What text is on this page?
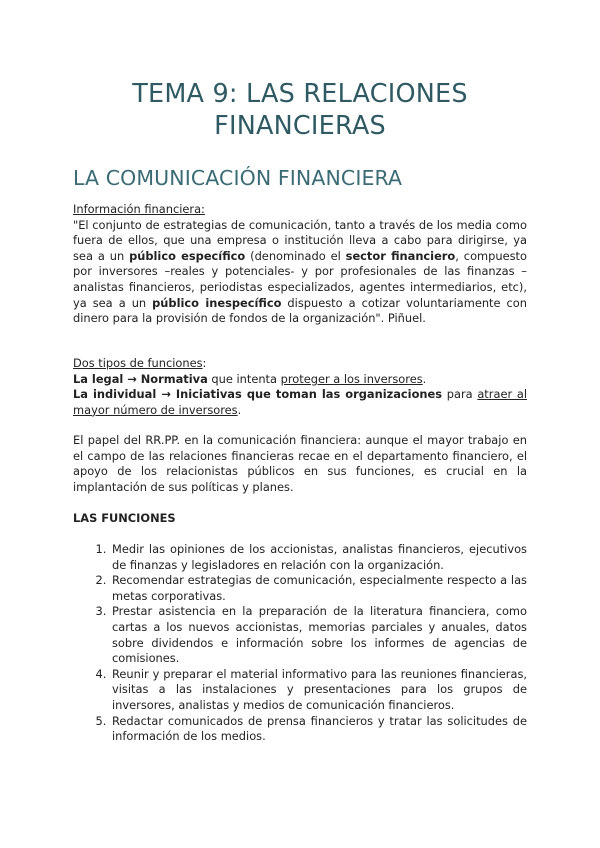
TEMA 9: LAS RELACIONES
FINANCIERAS
LA COMUNICACIÓN FINANCIERA

Información financiera:

"El conjunto de estrategias de comunicación, tanto a través de los media como fuera de ellos, que una empresa o institución lleva a cabo para dirigirse, ya sea a un público específico (denominado el sector financiero, compuesto por inversores –reales y potenciales- y por profesionales de las finanzas –analistas financieros, periodistas especializados, agentes intermediarios, etc), ya sea a un público inespecífico dispuesto a cotizar voluntariamente con dinero para la provisión de fondos de la organización". Piñuel.

Dos tipos de funciones:

La legal → Normativa que intenta proteger a los inversores.

La individual → Iniciativas que toman las organizaciones para atraer al mayor número de inversores.

El papel del RR.PP. en la comunicación financiera: aunque el mayor trabajo en el campo de las relaciones financieras recae en el departamento financiero, el apoyo de los relacionistas públicos en sus funciones, es crucial en la implantación de sus políticas y planes.

LAS FUNCIONES

1. Medir las opiniones de los accionistas, analistas financieros, ejecutivos de finanzas y legisladores en relación con la organización.
2. Recomendar estrategias de comunicación, especialmente respecto a las metas corporativas.
3. Prestar asistencia en la preparación de la literatura financiera, como cartas a los nuevos accionistas, memorias parciales y anuales, datos sobre dividendos e información sobre los informes de agencias de comisiones.
4. Reunir y preparar el material informativo para las reuniones financieras, visitas a las instalaciones y presentaciones para los grupos de inversores, analistas y medios de comunicación financieros.
5. Redactar comunicados de prensa financieros y tratar las solicitudes de información de los medios.
